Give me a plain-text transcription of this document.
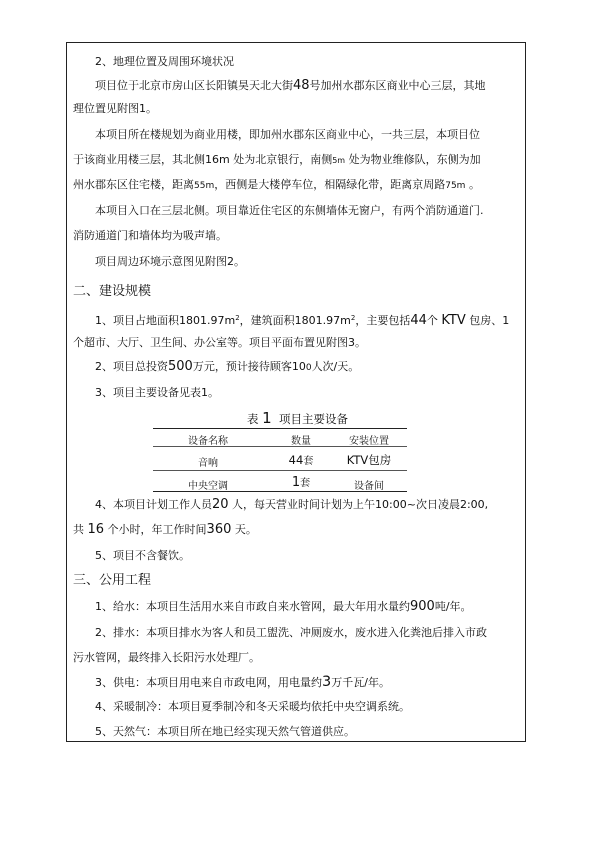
2、地理位置及周围环境状况
项目位于北京市房山区长阳镇昊天北大街48号加州水郡东区商业中心三层，其地
理位置见附图1。
本项目所在楼规划为商业用楼，即加州水郡东区商业中心，一共三层，本项目位
于该商业用楼三层，其北侧16m 处为北京银行，南侧5m 处为物业维修队，东侧为加
州水郡东区住宅楼，距离55m，西侧是大楼停车位，相隔绿化带，距离京周路75m 。
本项目入口在三层北侧。项目靠近住宅区的东侧墙体无窗户，有两个消防通道门.
消防通道门和墙体均为吸声墙。
项目周边环境示意图见附图2。
二、建设规模
1、项目占地面积$1801.97m^2$，建筑面积$1801.97m^2$，主要包括44个 KTV 包房、1
个超市、大厅、卫生间、办公室等。项目平面布置见附图3。
2、项目总投资500万元，预计接待顾客100人次/天。
3、项目主要设备见表1。
表 1 项目主要设备
设备名称	数量	安装位置
音响	44套	KTV包房
中央空调	1套	设备间
4、本项目计划工作人员20 人，每天营业时间计划为上午10:00~次日凌晨2:00,
共 16 个小时，年工作时间360 天。
5、项目不含餐饮。
三、公用工程
1、给水：本项目生活用水来自市政自来水管网，最大年用水量约900吨/年。
2、排水：本项目排水为客人和员工盥洗、冲厕废水，废水进入化粪池后排入市政
污水管网，最终排入长阳污水处理厂。
3、供电：本项目用电来自市政电网，用电量约3万千瓦/年。
4、采暖制冷：本项目夏季制冷和冬天采暖均依托中央空调系统。
5、天然气：本项目所在地已经实现天然气管道供应。
